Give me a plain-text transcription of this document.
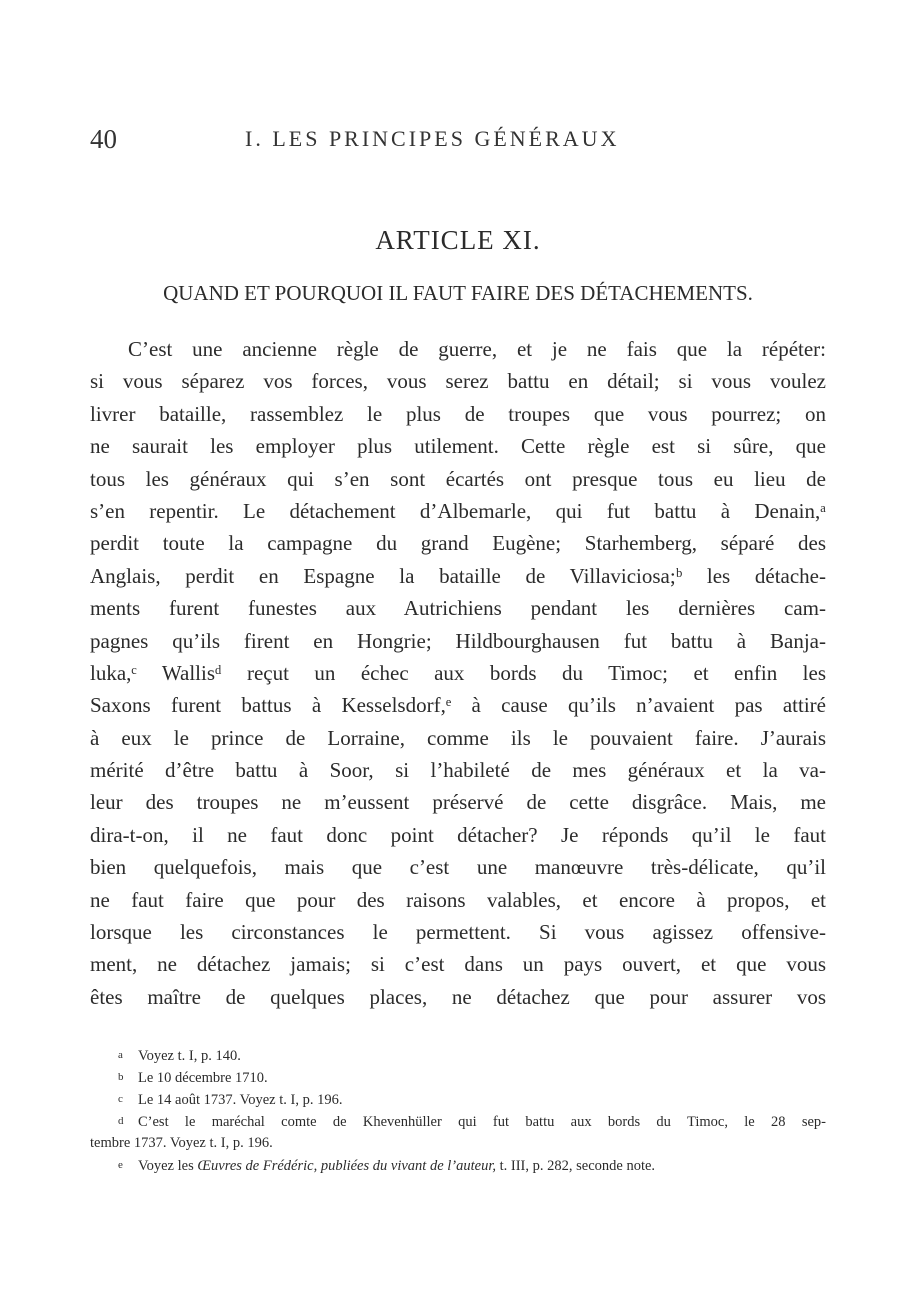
40	I. LES PRINCIPES GÉNÉRAUX
ARTICLE XI.
QUAND ET POURQUOI IL FAUT FAIRE DES DÉTACHEMENTS.
C’est une ancienne règle de guerre, et je ne fais que la répéter:
si vous séparez vos forces, vous serez battu en détail; si vous voulez
livrer bataille, rassemblez le plus de troupes que vous pourrez; on
ne saurait les employer plus utilement. Cette règle est si sûre, que
tous les généraux qui s’en sont écartés ont presque tous eu lieu de
s’en repentir. Le détachement d’Albemarle, qui fut battu à Denain,ᵃ
perdit toute la campagne du grand Eugène; Starhemberg, séparé des
Anglais, perdit en Espagne la bataille de Villaviciosa;ᵇ les détache-
ments furent funestes aux Autrichiens pendant les dernières cam-
pagnes qu’ils firent en Hongrie; Hildbourghausen fut battu à Banja-
luka,ᶜ Wallisᵈ reçut un échec aux bords du Timoc; et enfin les
Saxons furent battus à Kesselsdorf,ᵉ à cause qu’ils n’avaient pas attiré
à eux le prince de Lorraine, comme ils le pouvaient faire. J’aurais
mérité d’être battu à Soor, si l’habileté de mes généraux et la va-
leur des troupes ne m’eussent préservé de cette disgrâce. Mais, me
dira-t-on, il ne faut donc point détacher? Je réponds qu’il le faut
bien quelquefois, mais que c’est une manœuvre très-délicate, qu’il
ne faut faire que pour des raisons valables, et encore à propos, et
lorsque les circonstances le permettent. Si vous agissez offensive-
ment, ne détachez jamais; si c’est dans un pays ouvert, et que vous
êtes maître de quelques places, ne détachez que pour assurer vos
a Voyez t. I, p. 140.
b Le 10 décembre 1710.
c Le 14 août 1737. Voyez t. I, p. 196.
d C’est le maréchal comte de Khevenhüller qui fut battu aux bords du Timoc, le 28 sep-
tembre 1737. Voyez t. I, p. 196.
e Voyez les Œuvres de Frédéric, publiées du vivant de l’auteur, t. III, p. 282, seconde note.
